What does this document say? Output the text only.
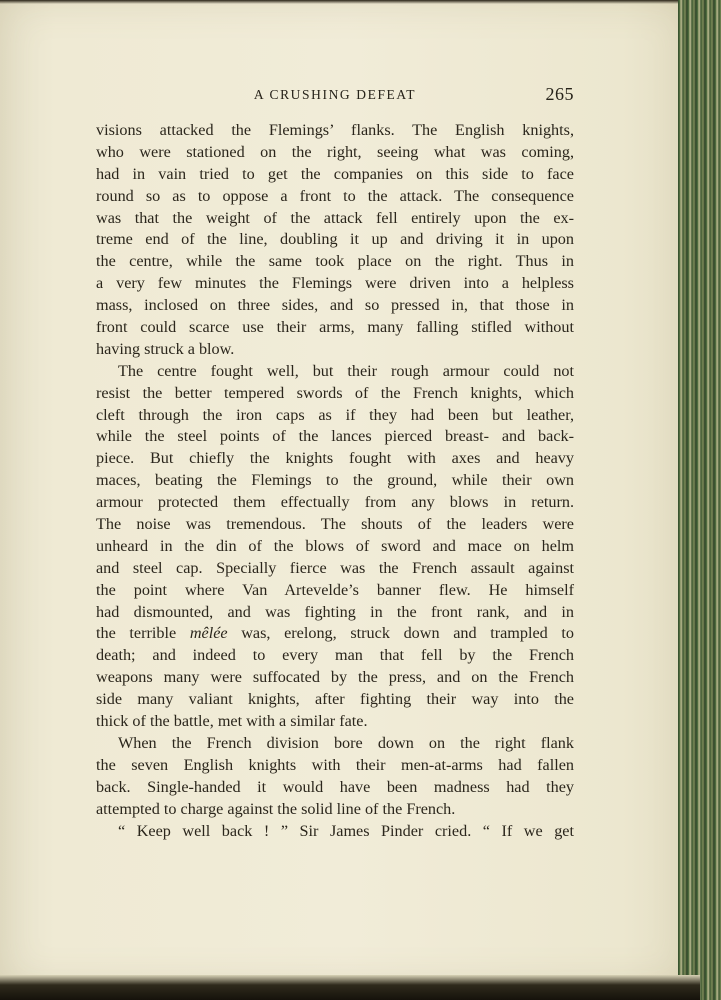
A CRUSHING DEFEAT	265
visions attacked the Flemings’ flanks. The English knights,
who were stationed on the right, seeing what was coming,
had in vain tried to get the companies on this side to face
round so as to oppose a front to the attack. The consequence
was that the weight of the attack fell entirely upon the ex-
treme end of the line, doubling it up and driving it in upon
the centre, while the same took place on the right. Thus in
a very few minutes the Flemings were driven into a helpless
mass, inclosed on three sides, and so pressed in, that those in
front could scarce use their arms, many falling stifled without
having struck a blow.
The centre fought well, but their rough armour could not
resist the better tempered swords of the French knights, which
cleft through the iron caps as if they had been but leather,
while the steel points of the lances pierced breast- and back-
piece. But chiefly the knights fought with axes and heavy
maces, beating the Flemings to the ground, while their own
armour protected them effectually from any blows in return.
The noise was tremendous. The shouts of the leaders were
unheard in the din of the blows of sword and mace on helm
and steel cap. Specially fierce was the French assault against
the point where Van Artevelde’s banner flew. He himself
had dismounted, and was fighting in the front rank, and in
the terrible mêlée was, erelong, struck down and trampled to
death; and indeed to every man that fell by the French
weapons many were suffocated by the press, and on the French
side many valiant knights, after fighting their way into the
thick of the battle, met with a similar fate.
When the French division bore down on the right flank
the seven English knights with their men-at-arms had fallen
back. Single-handed it would have been madness had they
attempted to charge against the solid line of the French.
“ Keep well back ! ” Sir James Pinder cried. “ If we get
